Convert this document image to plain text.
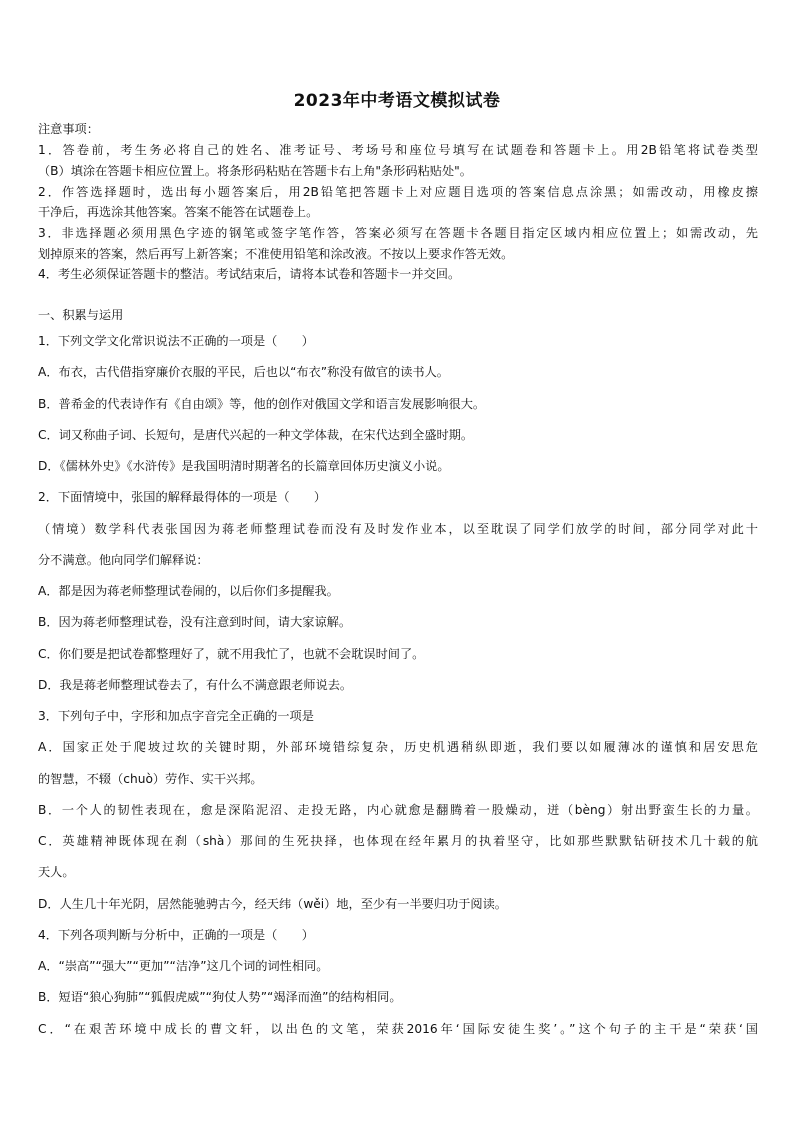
2023年中考语文模拟试卷
注意事项：
1．答卷前，考生务必将自己的姓名、准考证号、考场号和座位号填写在试题卷和答题卡上。用2B铅笔将试卷类型
（B）填涂在答题卡相应位置上。将条形码粘贴在答题卡右上角"条形码粘贴处"。
2．作答选择题时，选出每小题答案后，用2B铅笔把答题卡上对应题目选项的答案信息点涂黑；如需改动，用橡皮擦
干净后，再选涂其他答案。答案不能答在试题卷上。
3．非选择题必须用黑色字迹的钢笔或签字笔作答，答案必须写在答题卡各题目指定区域内相应位置上；如需改动，先
划掉原来的答案，然后再写上新答案；不准使用铅笔和涂改液。不按以上要求作答无效。
4．考生必须保证答题卡的整洁。考试结束后，请将本试卷和答题卡一并交回。
一、积累与运用
1．下列文学文化常识说法不正确的一项是（　　）
A．布衣，古代借指穿廉价衣服的平民，后也以“布衣”称没有做官的读书人。
B．普希金的代表诗作有《自由颂》等，他的创作对俄国文学和语言发展影响很大。
C．词又称曲子词、长短句，是唐代兴起的一种文学体裁，在宋代达到全盛时期。
D．《儒林外史》《水浒传》是我国明清时期著名的长篇章回体历史演义小说。
2．下面情境中，张国的解释最得体的一项是（　　）
（情境）数学科代表张国因为蒋老师整理试卷而没有及时发作业本，以至耽误了同学们放学的时间，部分同学对此十
分不满意。他向同学们解释说：
A．都是因为蒋老师整理试卷闹的，以后你们多提醒我。
B．因为蒋老师整理试卷，没有注意到时间，请大家谅解。
C．你们要是把试卷都整理好了，就不用我忙了，也就不会耽误时间了。
D．我是蒋老师整理试卷去了，有什么不满意跟老师说去。
3．下列句子中，字形和加点字音完全正确的一项是
A．国家正处于爬坡过坎的关键时期，外部环境错综复杂，历史机遇稍纵即逝，我们要以如履薄冰的谨慎和居安思危
的智慧，不辍（chuò）劳作、实干兴邦。
B．一个人的韧性表现在，愈是深陷泥沼、走投无路，内心就愈是翻腾着一股燥动，迸（bèng）射出野蛮生长的力量。
C．英雄精神既体现在刹（shà）那间的生死抉择，也体现在经年累月的执着坚守，比如那些默默钻研技术几十载的航
天人。
D．人生几十年光阴，居然能驰骋古今，经天纬（wěi）地，至少有一半要归功于阅读。
4．下列各项判断与分析中，正确的一项是（　　）
A．“崇高”“强大”“更加”“洁净”这几个词的词性相同。
B．短语“狼心狗肺”“狐假虎威”“狗仗人势”“竭泽而渔”的结构相同。
C．“在艰苦环境中成长的曹文轩，以出色的文笔，荣获2016年‘国际安徒生奖’。”这个句子的主干是“荣获‘国
